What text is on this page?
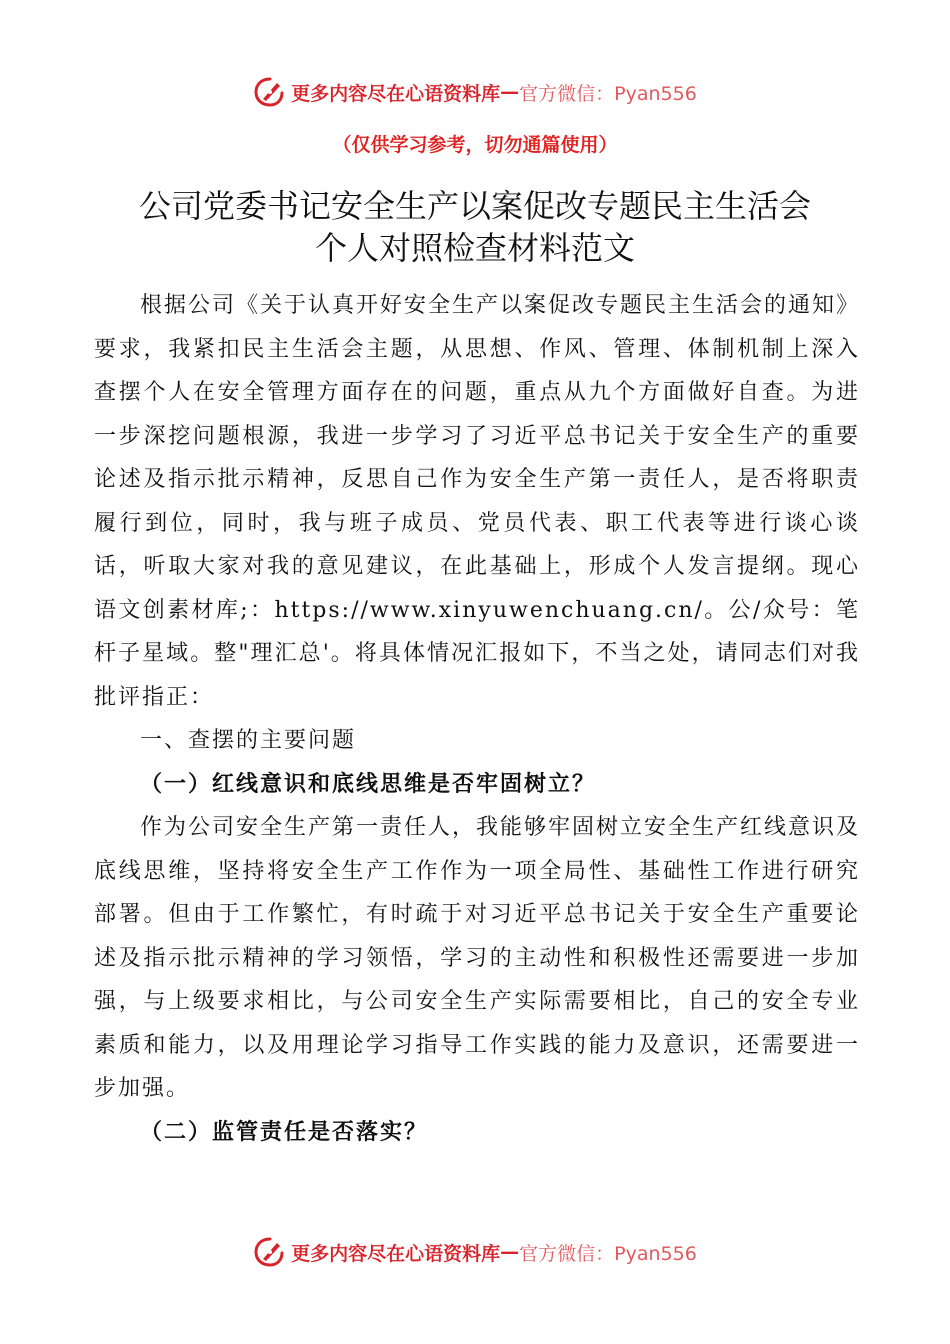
更多内容尽在心语资料库 — 官方微信：Pyan556
（仅供学习参考，切勿通篇使用）
公司党委书记安全生产以案促改专题民主生活会
个人对照检查材料范文

根据公司《关于认真开好安全生产以案促改专题民主生活会的通知》要求，我紧扣民主生活会主题，从思想、作风、管理、体制机制上深入查摆个人在安全管理方面存在的问题，重点从九个方面做好自查。为进一步深挖问题根源，我进一步学习了习近平总书记关于安全生产的重要论述及指示批示精神，反思自己作为安全生产第一责任人，是否将职责履行到位，同时，我与班子成员、党员代表、职工代表等进行谈心谈话，听取大家对我的意见建议，在此基础上，形成个人发言提纲。现心语文创素材库;：https://www.xinyuwenchuang.cn/。公/众号：笔杆子星域。整"理汇总'。将具体情况汇报如下，不当之处，请同志们对我批评指正：

一、查摆的主要问题

（一）红线意识和底线思维是否牢固树立？

作为公司安全生产第一责任人，我能够牢固树立安全生产红线意识及底线思维，坚持将安全生产工作作为一项全局性、基础性工作进行研究部署。但由于工作繁忙，有时疏于对习近平总书记关于安全生产重要论述及指示批示精神的学习领悟，学习的主动性和积极性还需要进一步加强，与上级要求相比，与公司安全生产实际需要相比，自己的安全专业素质和能力，以及用理论学习指导工作实践的能力及意识，还需要进一步加强。

（二）监管责任是否落实？

更多内容尽在心语资料库 — 官方微信：Pyan556
